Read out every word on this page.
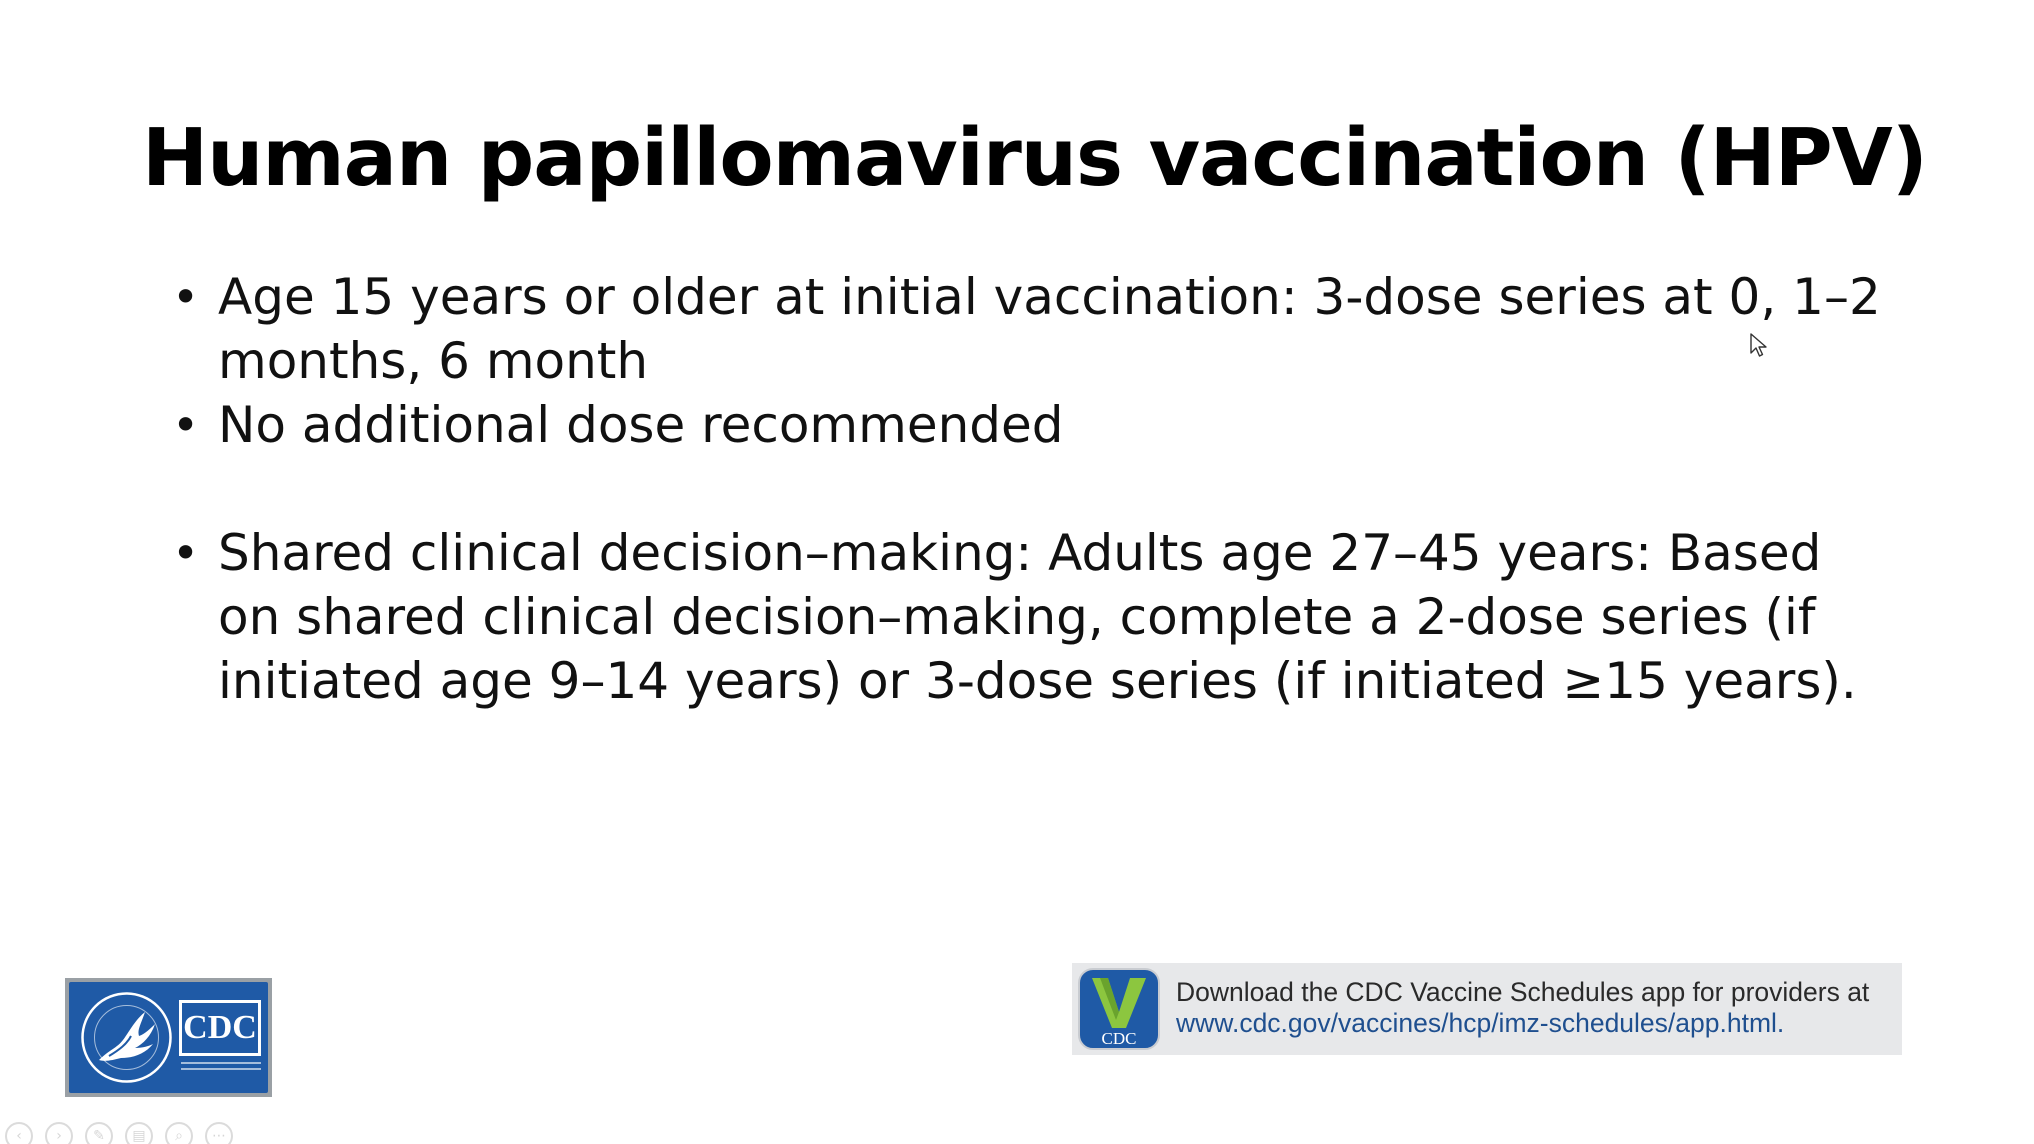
Human papillomavirus vaccination (HPV)
• Age 15 years or older at initial vaccination: 3-dose series at 0, 1–2 months, 6 month
• No additional dose recommended
• Shared clinical decision–making: Adults age 27–45 years: Based on shared clinical decision–making, complete a 2-dose series (if initiated age 9–14 years) or 3-dose series (if initiated ≥15 years).
CDC	CDC
Download the CDC Vaccine Schedules app for providers at
www.cdc.gov/vaccines/hcp/imz-schedules/app.html.
‹	›	✎	▤	⌕	⋯
